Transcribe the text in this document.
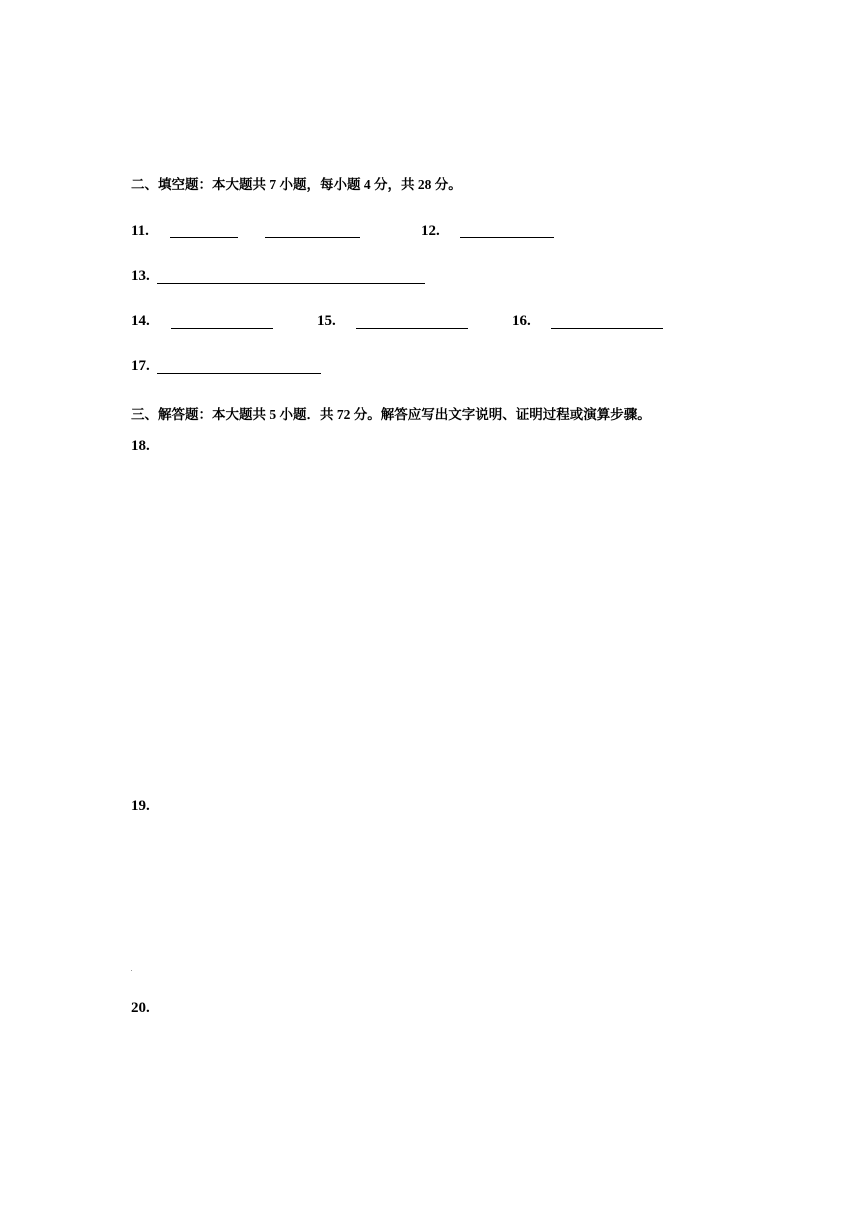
二、填空题：本大题共 7 小题，每小题 4 分，共 28 分。
11.	12.
13.
14.	15.	16.
17.
三、解答题：本大题共 5 小题．共 72 分。解答应写出文字说明、证明过程或演算步骤。
18.
19.
20.
